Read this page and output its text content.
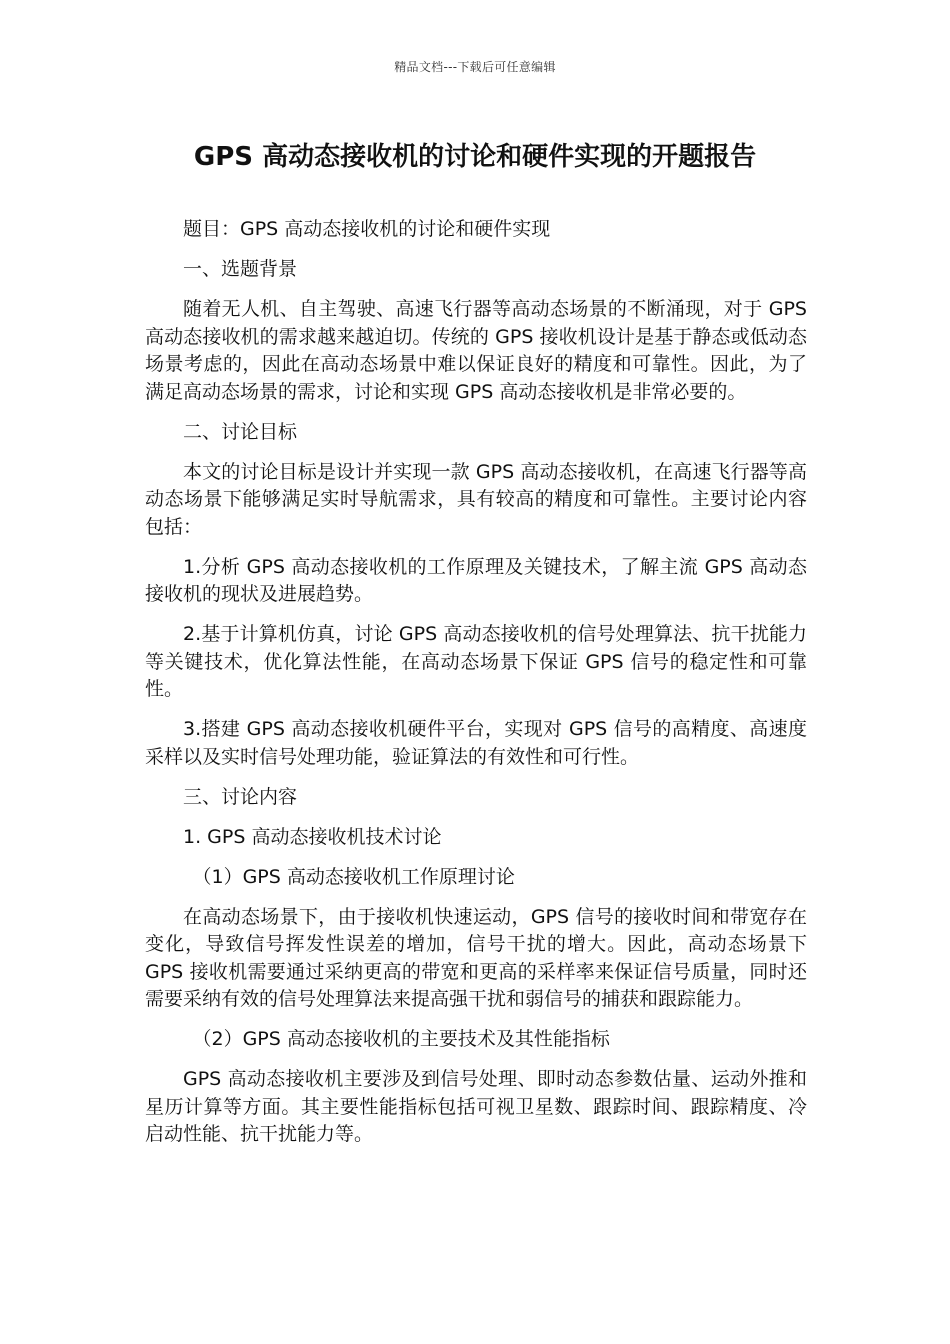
精品文档---下载后可任意编辑
GPS 高动态接收机的讨论和硬件实现的开题报告

题目：GPS 高动态接收机的讨论和硬件实现

一、选题背景

随着无人机、自主驾驶、高速飞行器等高动态场景的不断涌现，对于 GPS 高动态接收机的需求越来越迫切。传统的 GPS 接收机设计是基于静态或低动态场景考虑的，因此在高动态场景中难以保证良好的精度和可靠性。因此，为了满足高动态场景的需求，讨论和实现 GPS 高动态接收机是非常必要的。

二、讨论目标

本文的讨论目标是设计并实现一款 GPS 高动态接收机，在高速飞行器等高动态场景下能够满足实时导航需求，具有较高的精度和可靠性。主要讨论内容包括：

1.分析 GPS 高动态接收机的工作原理及关键技术，了解主流 GPS 高动态接收机的现状及进展趋势。

2.基于计算机仿真，讨论 GPS 高动态接收机的信号处理算法、抗干扰能力等关键技术，优化算法性能，在高动态场景下保证 GPS 信号的稳定性和可靠性。

3.搭建 GPS 高动态接收机硬件平台，实现对 GPS 信号的高精度、高速度采样以及实时信号处理功能，验证算法的有效性和可行性。

三、讨论内容

1. GPS 高动态接收机技术讨论

（1）GPS 高动态接收机工作原理讨论

在高动态场景下，由于接收机快速运动，GPS 信号的接收时间和带宽存在变化，导致信号挥发性误差的增加，信号干扰的增大。因此，高动态场景下 GPS 接收机需要通过采纳更高的带宽和更高的采样率来保证信号质量，同时还需要采纳有效的信号处理算法来提高强干扰和弱信号的捕获和跟踪能力。

（2）GPS 高动态接收机的主要技术及其性能指标

GPS 高动态接收机主要涉及到信号处理、即时动态参数估量、运动外推和星历计算等方面。其主要性能指标包括可视卫星数、跟踪时间、跟踪精度、冷启动性能、抗干扰能力等。
